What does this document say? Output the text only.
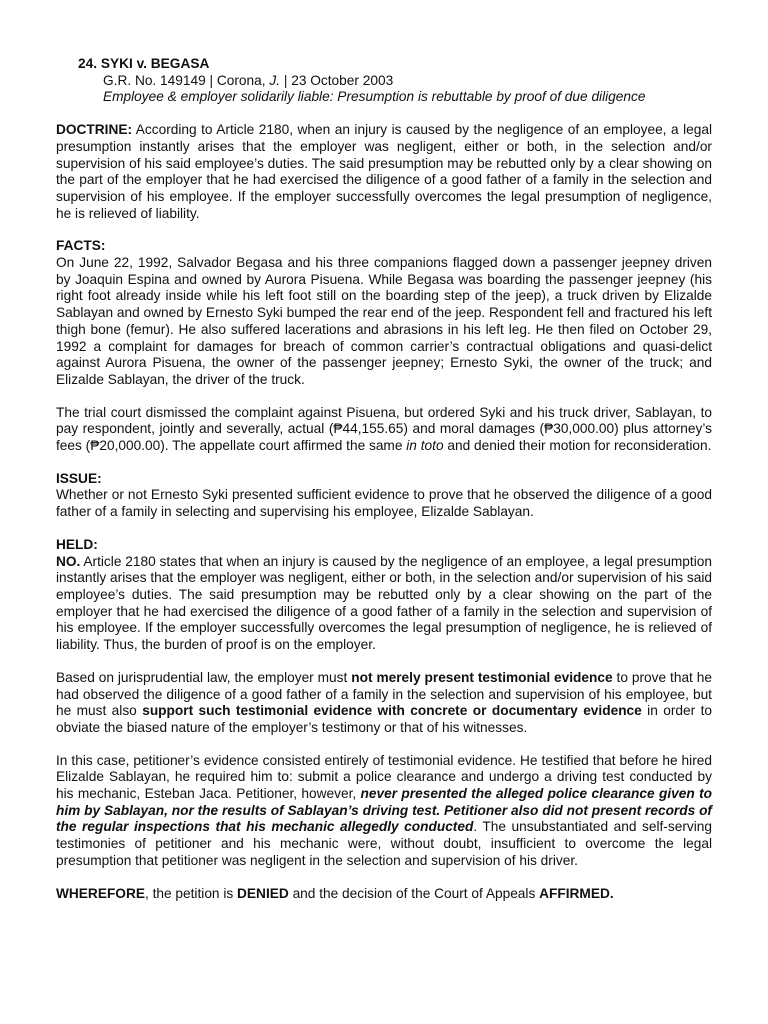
24. SYKI v. BEGASA
G.R. No. 149149 | Corona, J. | 23 October 2003
Employee & employer solidarily liable: Presumption is rebuttable by proof of due diligence

DOCTRINE: According to Article 2180, when an injury is caused by the negligence of an employee, a legal presumption instantly arises that the employer was negligent, either or both, in the selection and/or supervision of his said employee’s duties. The said presumption may be rebutted only by a clear showing on the part of the employer that he had exercised the diligence of a good father of a family in the selection and supervision of his employee. If the employer successfully overcomes the legal presumption of negligence, he is relieved of liability.

FACTS:

On June 22, 1992, Salvador Begasa and his three companions flagged down a passenger jeepney driven by Joaquin Espina and owned by Aurora Pisuena. While Begasa was boarding the passenger jeepney (his right foot already inside while his left foot still on the boarding step of the jeep), a truck driven by Elizalde Sablayan and owned by Ernesto Syki bumped the rear end of the jeep. Respondent fell and fractured his left thigh bone (femur). He also suffered lacerations and abrasions in his left leg. He then filed on October 29, 1992 a complaint for damages for breach of common carrier’s contractual obligations and quasi-delict against Aurora Pisuena, the owner of the passenger jeepney; Ernesto Syki, the owner of the truck; and Elizalde Sablayan, the driver of the truck.

The trial court dismissed the complaint against Pisuena, but ordered Syki and his truck driver, Sablayan, to pay respondent, jointly and severally, actual (₱44,155.65) and moral damages (₱30,000.00) plus attorney’s fees (₱20,000.00). The appellate court affirmed the same in toto and denied their motion for reconsideration.

ISSUE:

Whether or not Ernesto Syki presented sufficient evidence to prove that he observed the diligence of a good father of a family in selecting and supervising his employee, Elizalde Sablayan.

HELD:

NO. Article 2180 states that when an injury is caused by the negligence of an employee, a legal presumption instantly arises that the employer was negligent, either or both, in the selection and/or supervision of his said employee’s duties. The said presumption may be rebutted only by a clear showing on the part of the employer that he had exercised the diligence of a good father of a family in the selection and supervision of his employee. If the employer successfully overcomes the legal presumption of negligence, he is relieved of liability. Thus, the burden of proof is on the employer.

Based on jurisprudential law, the employer must not merely present testimonial evidence to prove that he had observed the diligence of a good father of a family in the selection and supervision of his employee, but he must also support such testimonial evidence with concrete or documentary evidence in order to obviate the biased nature of the employer’s testimony or that of his witnesses.

In this case, petitioner’s evidence consisted entirely of testimonial evidence. He testified that before he hired Elizalde Sablayan, he required him to: submit a police clearance and undergo a driving test conducted by his mechanic, Esteban Jaca. Petitioner, however, never presented the alleged police clearance given to him by Sablayan, nor the results of Sablayan’s driving test. Petitioner also did not present records of the regular inspections that his mechanic allegedly conducted. The unsubstantiated and self-serving testimonies of petitioner and his mechanic were, without doubt, insufficient to overcome the legal presumption that petitioner was negligent in the selection and supervision of his driver.

WHEREFORE, the petition is DENIED and the decision of the Court of Appeals AFFIRMED.
